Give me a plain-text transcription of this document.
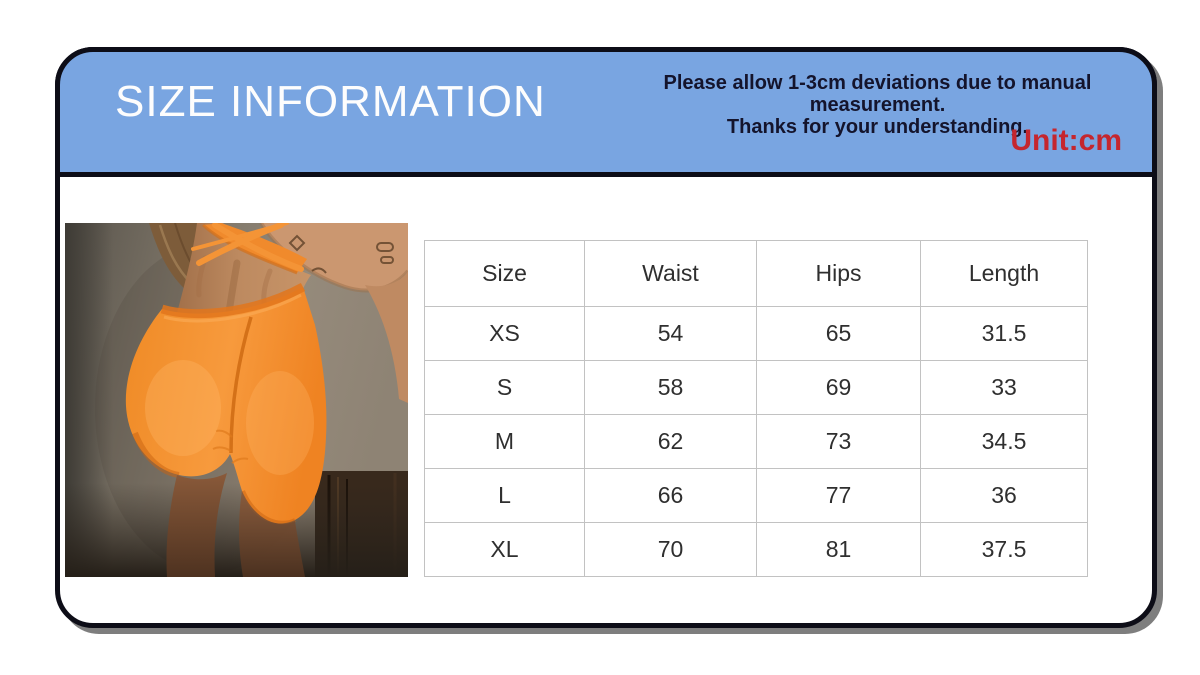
SIZE INFORMATION	Please allow 1-3cm deviations due to manual measurement.
Thanks for your understanding.
Unit:cm
Size	Waist	Hips	Length
XS	54	65	31.5
S	58	69	33
M	62	73	34.5
L	66	77	36
XL	70	81	37.5
